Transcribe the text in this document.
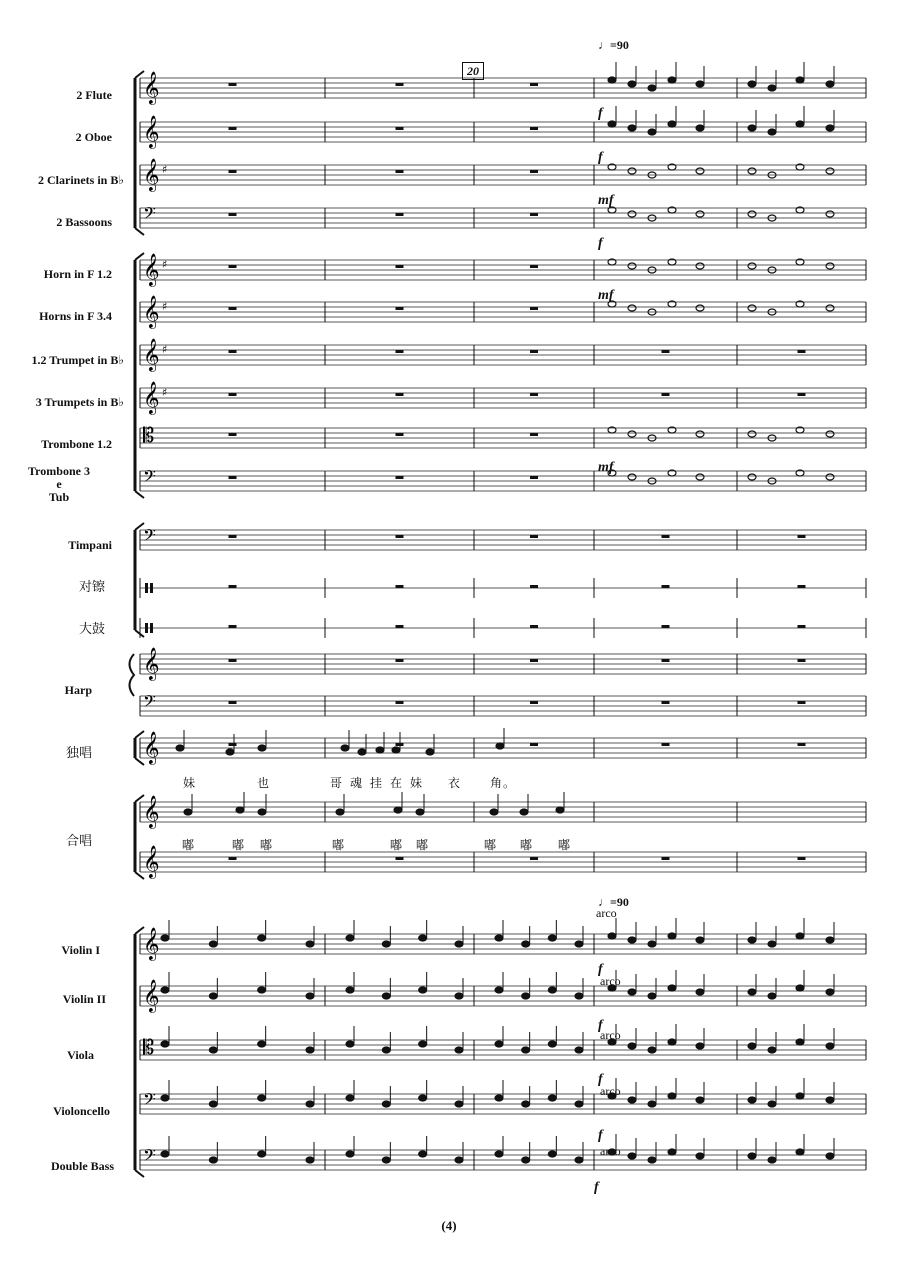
𝄞
𝄞
𝄞 ♯
𝄢
𝄞 ♯
𝄞 ♯
𝄞 ♯
𝄞 ♯
𝄡
𝄢
𝄢
𝄞
𝄢
𝄞
𝄞
𝄞
𝄞
𝄞
𝄡
𝄢
𝄢
20
♩=90
♩=90
2 Flute
2 Oboe
2 Clarinets in B♭
2 Bassoons
Horn in F 1.2
Horns in F 3.4
1.2 Trumpet in B♭
3 Trumpets in B♭
Trombone 1.2
Trombone 3
e
Tub
Timpani
对镲
大鼓
Harp
独唱
合唱
Violin I
Violin II
Viola
Violoncello
Double Bass
f
f
mf
f
mf
mf
f
f
f
f
f
arco
arco
arco
arco
arco
妹	也	哥 魂 挂 在 妹 衣 角。
嘟	嘟 嘟	嘟	嘟 嘟	嘟 嘟 嘟
(4)
